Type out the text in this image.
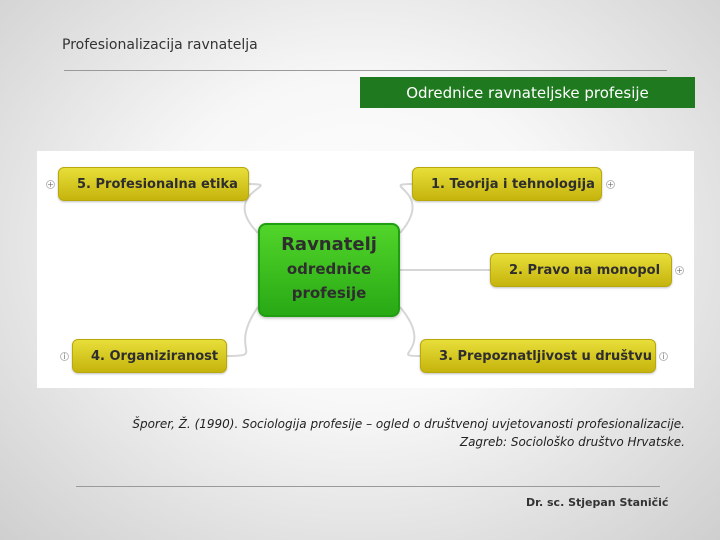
Profesionalizacija ravnatelja
Odrednice ravnateljske profesije
Ravnatelj
odrednice
profesije
5. Profesionalna etika
+	1. Teorija i tehnologija +
2. Pravo na monopol +
4. Organiziranost
i	3. Prepoznatljivost u društvu	i
Šporer, Ž. (1990). Sociologija profesije – ogled o društvenoj uvjetovanosti profesionalizacije.
Zagreb: Sociološko društvo Hrvatske.
Dr. sc. Stjepan Staničić
